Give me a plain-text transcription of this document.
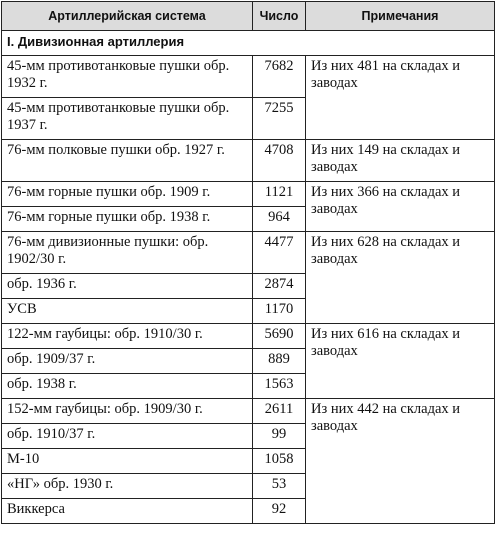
Артиллерийская система	Число	Примечания
I. Дивизионная артиллерия		
45-мм противотанковые пушки обр. 1932 г.	7682	Из них 481 на складах и заводах
45-мм противотанковые пушки обр. 1937 г.	7255	
76-мм полковые пушки обр. 1927 г.	4708	Из них 149 на складах и заводах
76-мм горные пушки обр. 1909 г.	1121	Из них 366 на складах и заводах
76-мм горные пушки обр. 1938 г.	964	
76-мм дивизионные пушки: обр. 1902/30 г.	4477	Из них 628 на складах и заводах
обр. 1936 г.	2874	
УСВ	1170	
122-мм гаубицы: обр. 1910/30 г.	5690	Из них 616 на складах и заводах
обр. 1909/37 г.	889	
обр. 1938 г.	1563	
152-мм гаубицы: обр. 1909/30 г.	2611	Из них 442 на складах и заводах
обр. 1910/37 г.	99	
М-10	1058	
«НГ» обр. 1930 г.	53	
Виккерса	92	
